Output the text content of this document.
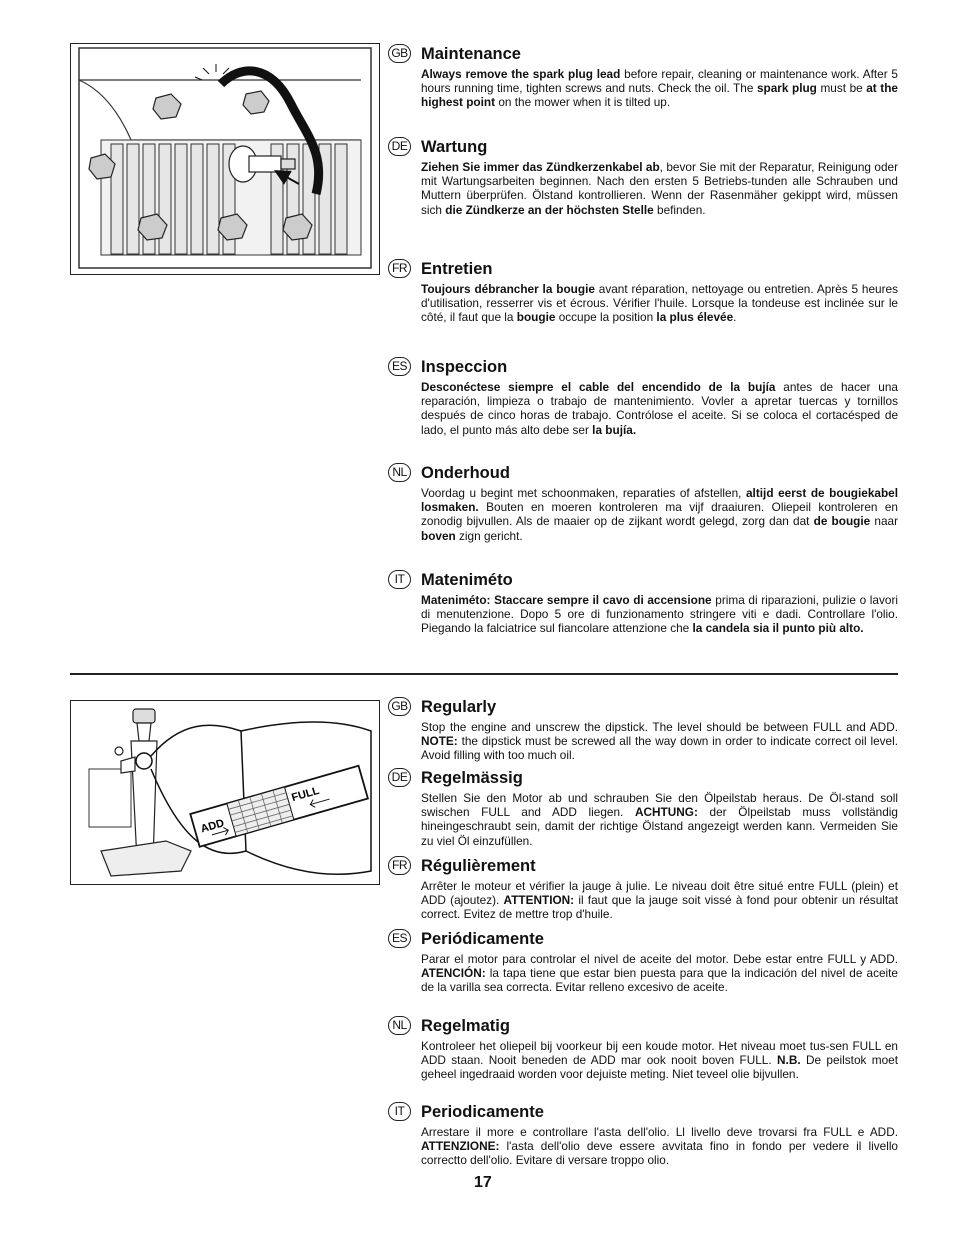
GB Maintenance
Always remove the spark plug lead before repair, cleaning or maintenance work. After 5 hours running time, tighten screws and nuts. Check the oil. The spark plug must be at the highest point on the mower when it is tilted up.
DE Wartung
Ziehen Sie immer das Zündkerzenkabel ab, bevor Sie mit der Reparatur, Reinigung oder mit Wartungsarbeiten beginnen. Nach den ersten 5 Betriebs-tunden alle Schrauben und Muttern überprüfen. Ölstand kontrollieren. Wenn der Rasenmäher gekippt wird, müssen sich die Zündkerze an der höchsten Stelle befinden.
FR Entretien
Toujours débrancher la bougie avant réparation, nettoyage ou entretien. Après 5 heures d'utilisation, resserrer vis et écrous. Vérifier l'huile. Lorsque la tondeuse est inclinée sur le côté, il faut que la bougie occupe la position la plus élevée.
ES Inspeccion
Desconéctese siempre el cable del encendido de la bujía antes de hacer una reparación, limpieza o trabajo de mantenimiento. Vovler a apretar tuercas y tornillos después de cinco horas de trabajo. Contrólose el aceite. Si se coloca el cortacésped de lado, el punto más alto debe ser la bujía.
NL Onderhoud
Voordag u begint met schoonmaken, reparaties of afstellen, altijd eerst de bougiekabel losmaken. Bouten en moeren kontroleren ma vijf draaiuren. Oliepeil kontroleren en zonodig bijvullen. Als de maaier op de zijkant wordt gelegd, zorg dan dat de bougie naar boven zign gericht.
IT	Mateniméto
Mateniméto: Staccare sempre il cavo di accensione prima di riparazioni, pulizie o lavori di menutenzione. Dopo 5 ore di funzionamento stringere viti e dadi. Controllare l'olio. Piegando la falciatrice sul fiancolare attenzione che la candela sia il punto più alto.
ADD
FULL
GB Regularly
Stop the engine and unscrew the dipstick. The level should be between FULL and ADD. NOTE: the dipstick must be screwed all the way down in order to indicate correct oil level. Avoid filling with too much oil.
DE Regelmässig
Stellen Sie den Motor ab und schrauben Sie den Ölpeilstab heraus. De Öl-stand soll swischen FULL and ADD liegen. ACHTUNG: der Ölpeilstab muss vollständig hineingeschraubt sein, damit der richtige Ölstand angezeigt werden kann. Vermeiden Sie zu viel Öl einzufüllen.
FR Régulièrement
Arrêter le moteur et vérifier la jauge à julie. Le niveau doit être situé entre FULL (plein) et ADD (ajoutez). ATTENTION: il faut que la jauge soit vissé à fond pour obtenir un résultat correct. Evitez de mettre trop d'huile.
ES Periódicamente
Parar el motor para controlar el nivel de aceite del motor. Debe estar entre FULL y ADD. ATENCIÓN: la tapa tiene que estar bien puesta para que la indicación del nivel de aceite de la varilla sea correcta. Evitar relleno excesivo de aceite.
NL Regelmatig
Kontroleer het oliepeil bij voorkeur bij een koude motor. Het niveau moet tus-sen FULL en ADD staan. Nooit beneden de ADD mar ook nooit boven FULL. N.B. De peilstok moet geheel ingedraaid worden voor dejuiste meting. Niet teveel olie bijvullen.
IT	Periodicamente
Arrestare il more e controllare l'asta dell'olio. Ll livello deve trovarsi fra FULL e ADD. ATTENZIONE: l'asta dell'olio deve essere avvitata fino in fondo per vedere il livello correctto dell'olio. Evitare di versare troppo olio.
17
